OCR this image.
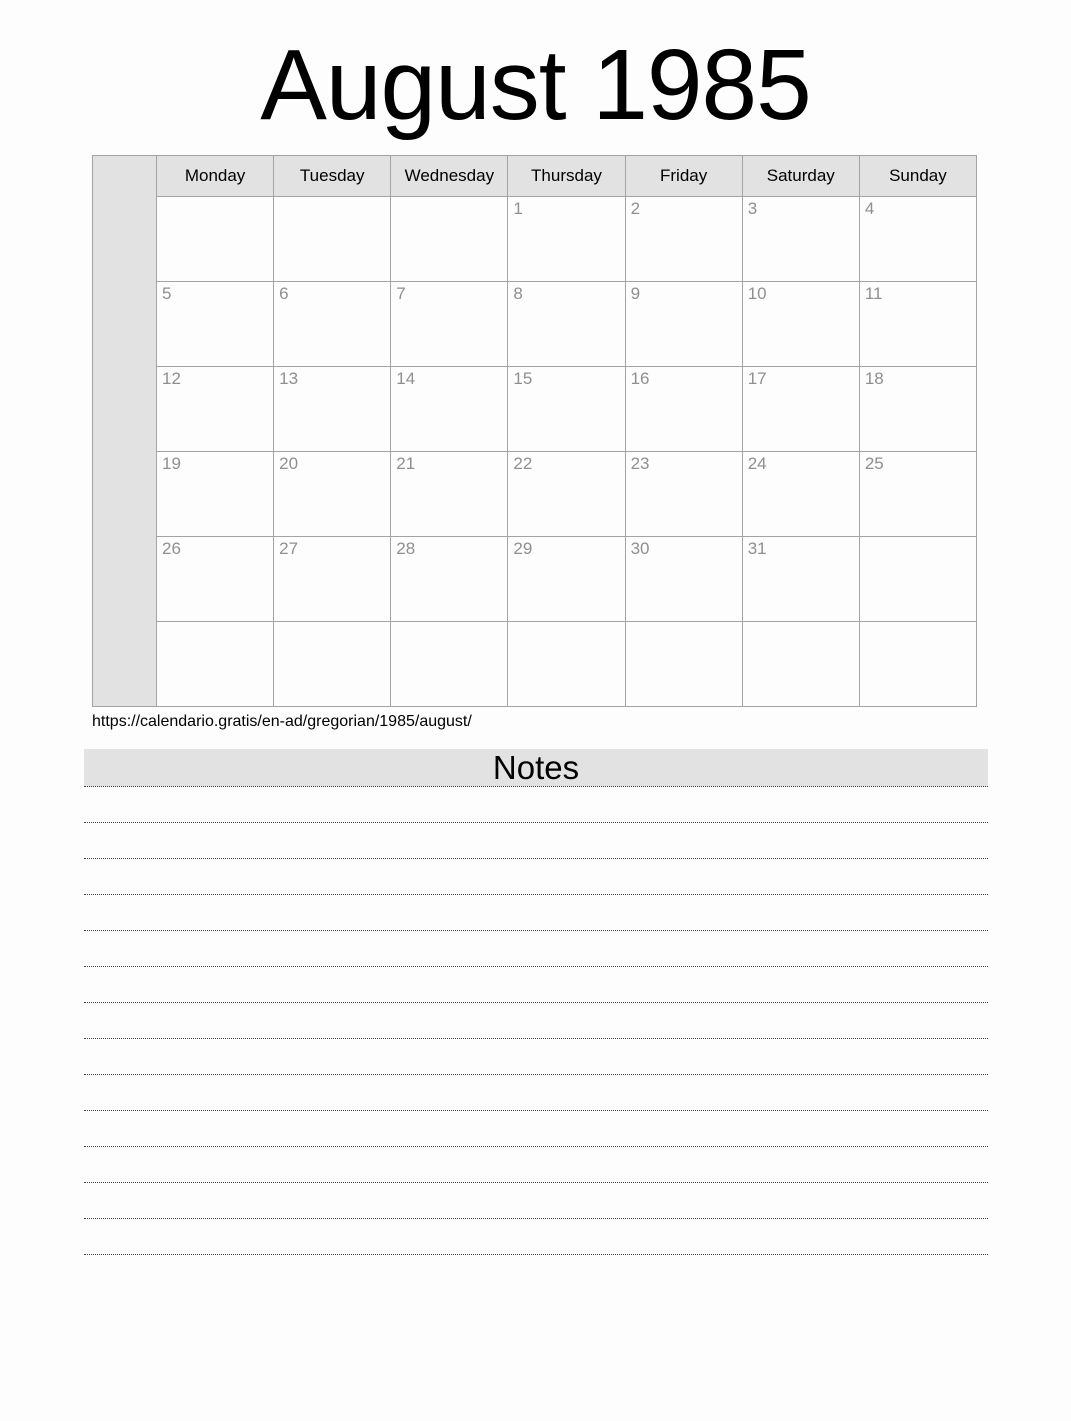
August 1985
	Monday	Tuesday	Wednesday	Thursday	Friday	Saturday	Sunday
				1	2	3	4
	5	6	7	8	9	10	11
	12	13	14	15	16	17	18
	19	20	21	22	23	24	25
	26	27	28	29	30	31	

https://calendario.gratis/en-ad/gregorian/1985/august/
Notes
